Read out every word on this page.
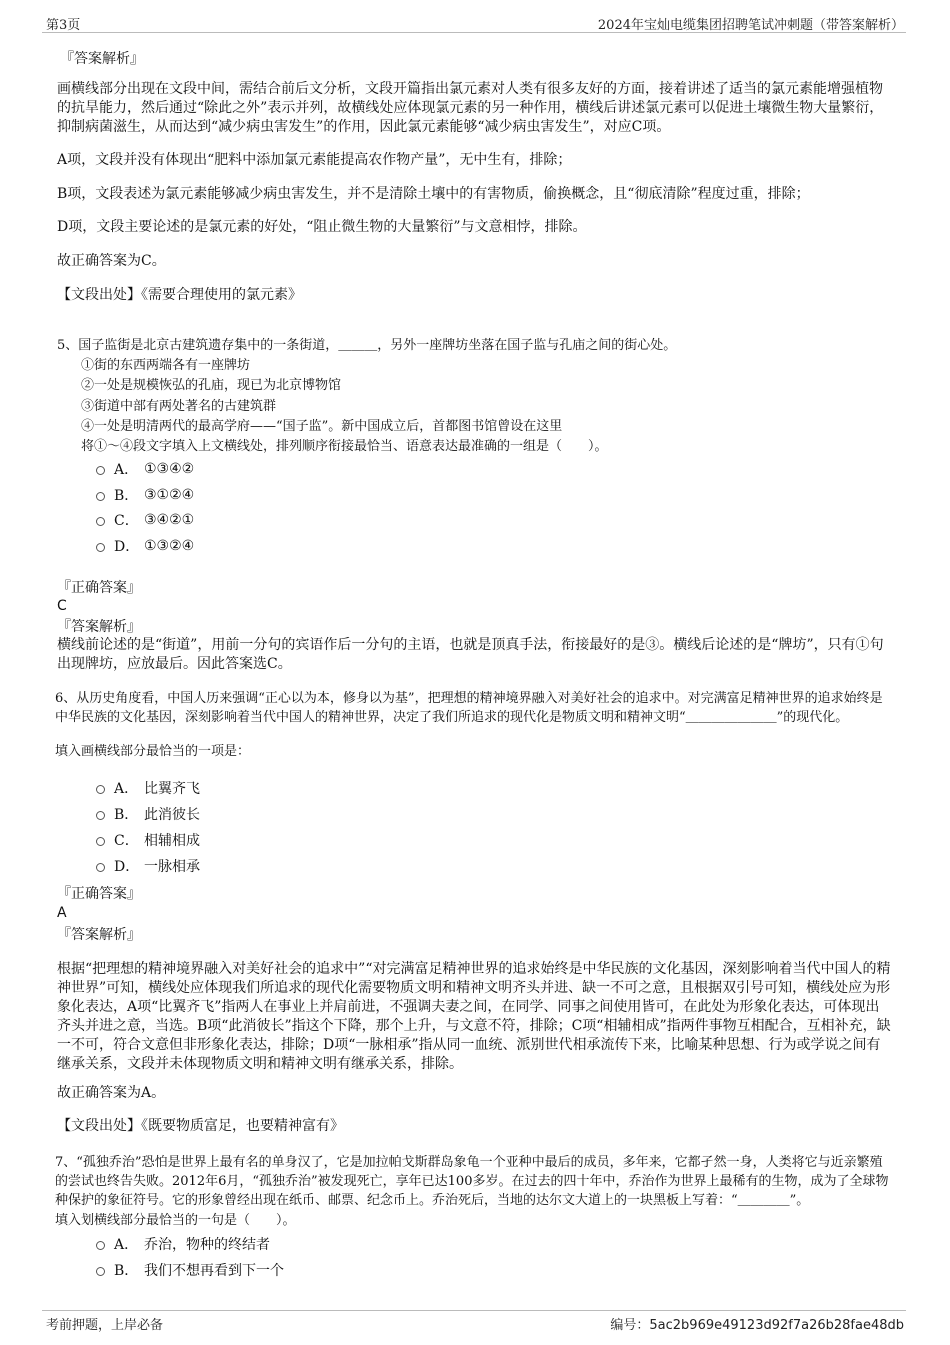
第3页	2024年宝灿电缆集团招聘笔试冲刺题（带答案解析）
『答案解析』
画横线部分出现在文段中间，需结合前后文分析，文段开篇指出氯元素对人类有很多友好的方面，接着讲述了适当的氯元素能增强植物的抗旱能力，然后通过“除此之外”表示并列，故横线处应体现氯元素的另一种作用，横线后讲述氯元素可以促进土壤微生物大量繁衍，抑制病菌滋生，从而达到“减少病虫害发生”的作用，因此氯元素能够“减少病虫害发生”，对应C项。
A项，文段并没有体现出“肥料中添加氯元素能提高农作物产量”，无中生有，排除；
B项，文段表述为氯元素能够减少病虫害发生，并不是清除土壤中的有害物质，偷换概念，且“彻底清除”程度过重，排除；
D项，文段主要论述的是氯元素的好处，“阻止微生物的大量繁衍”与文意相悖，排除。
故正确答案为C。
【文段出处】《需要合理使用的氯元素》
5、国子监街是北京古建筑遗存集中的一条街道，＿＿＿，另外一座牌坊坐落在国子监与孔庙之间的街心处。
①街的东西两端各有一座牌坊
②一处是规模恢弘的孔庙，现已为北京博物馆
③街道中部有两处著名的古建筑群
④一处是明清两代的最高学府——“国子监”。新中国成立后，首都图书馆曾设在这里
将①～④段文字填入上文横线处，排列顺序衔接最恰当、语意表达最准确的一组是（　　）。
A． ①③④②
B． ③①②④
C． ③④②①
D． ①③②④
『正确答案』
C
『答案解析』
横线前论述的是“街道”，用前一分句的宾语作后一分句的主语，也就是顶真手法，衔接最好的是③。横线后论述的是“牌坊”，只有①句出现牌坊，应放最后。因此答案选C。
6、从历史角度看，中国人历来强调“正心以为本，修身以为基”，把理想的精神境界融入对美好社会的追求中。对完满富足精神世界的追求始终是中华民族的文化基因，深刻影响着当代中国人的精神世界，决定了我们所追求的现代化是物质文明和精神文明“＿＿＿＿＿＿＿”的现代化。
填入画横线部分最恰当的一项是：
A． 比翼齐飞
B． 此消彼长
C． 相辅相成
D． 一脉相承
『正确答案』
A
『答案解析』
根据“把理想的精神境界融入对美好社会的追求中”“对完满富足精神世界的追求始终是中华民族的文化基因，深刻影响着当代中国人的精神世界”可知，横线处应体现我们所追求的现代化需要物质文明和精神文明齐头并进、缺一不可之意，且根据双引号可知，横线处应为形象化表达，A项“比翼齐飞”指两人在事业上并肩前进，不强调夫妻之间，在同学、同事之间使用皆可，在此处为形象化表达，可体现出齐头并进之意，当选。B项“此消彼长”指这个下降，那个上升，与文意不符，排除；C项“相辅相成”指两件事物互相配合，互相补充，缺一不可，符合文意但非形象化表达，排除；D项“一脉相承”指从同一血统、派别世代相承流传下来，比喻某种思想、行为或学说之间有继承关系，文段并未体现物质文明和精神文明有继承关系，排除。
故正确答案为A。
【文段出处】《既要物质富足，也要精神富有》
7、“孤独乔治”恐怕是世界上最有名的单身汉了，它是加拉帕戈斯群岛象龟一个亚种中最后的成员，多年来，它都孑然一身，人类将它与近亲繁殖的尝试也终告失败。2012年6月，“孤独乔治”被发现死亡，享年已达100多岁。在过去的四十年中，乔治作为世界上最稀有的生物，成为了全球物种保护的象征符号。它的形象曾经出现在纸币、邮票、纪念币上。乔治死后，当地的达尔文大道上的一块黑板上写着：“＿＿＿＿”。
填入划横线部分最恰当的一句是（　　）。
A． 乔治，物种的终结者
B． 我们不想再看到下一个
考前押题，上岸必备	编号：5ac2b969e49123d92f7a26b28fae48db
